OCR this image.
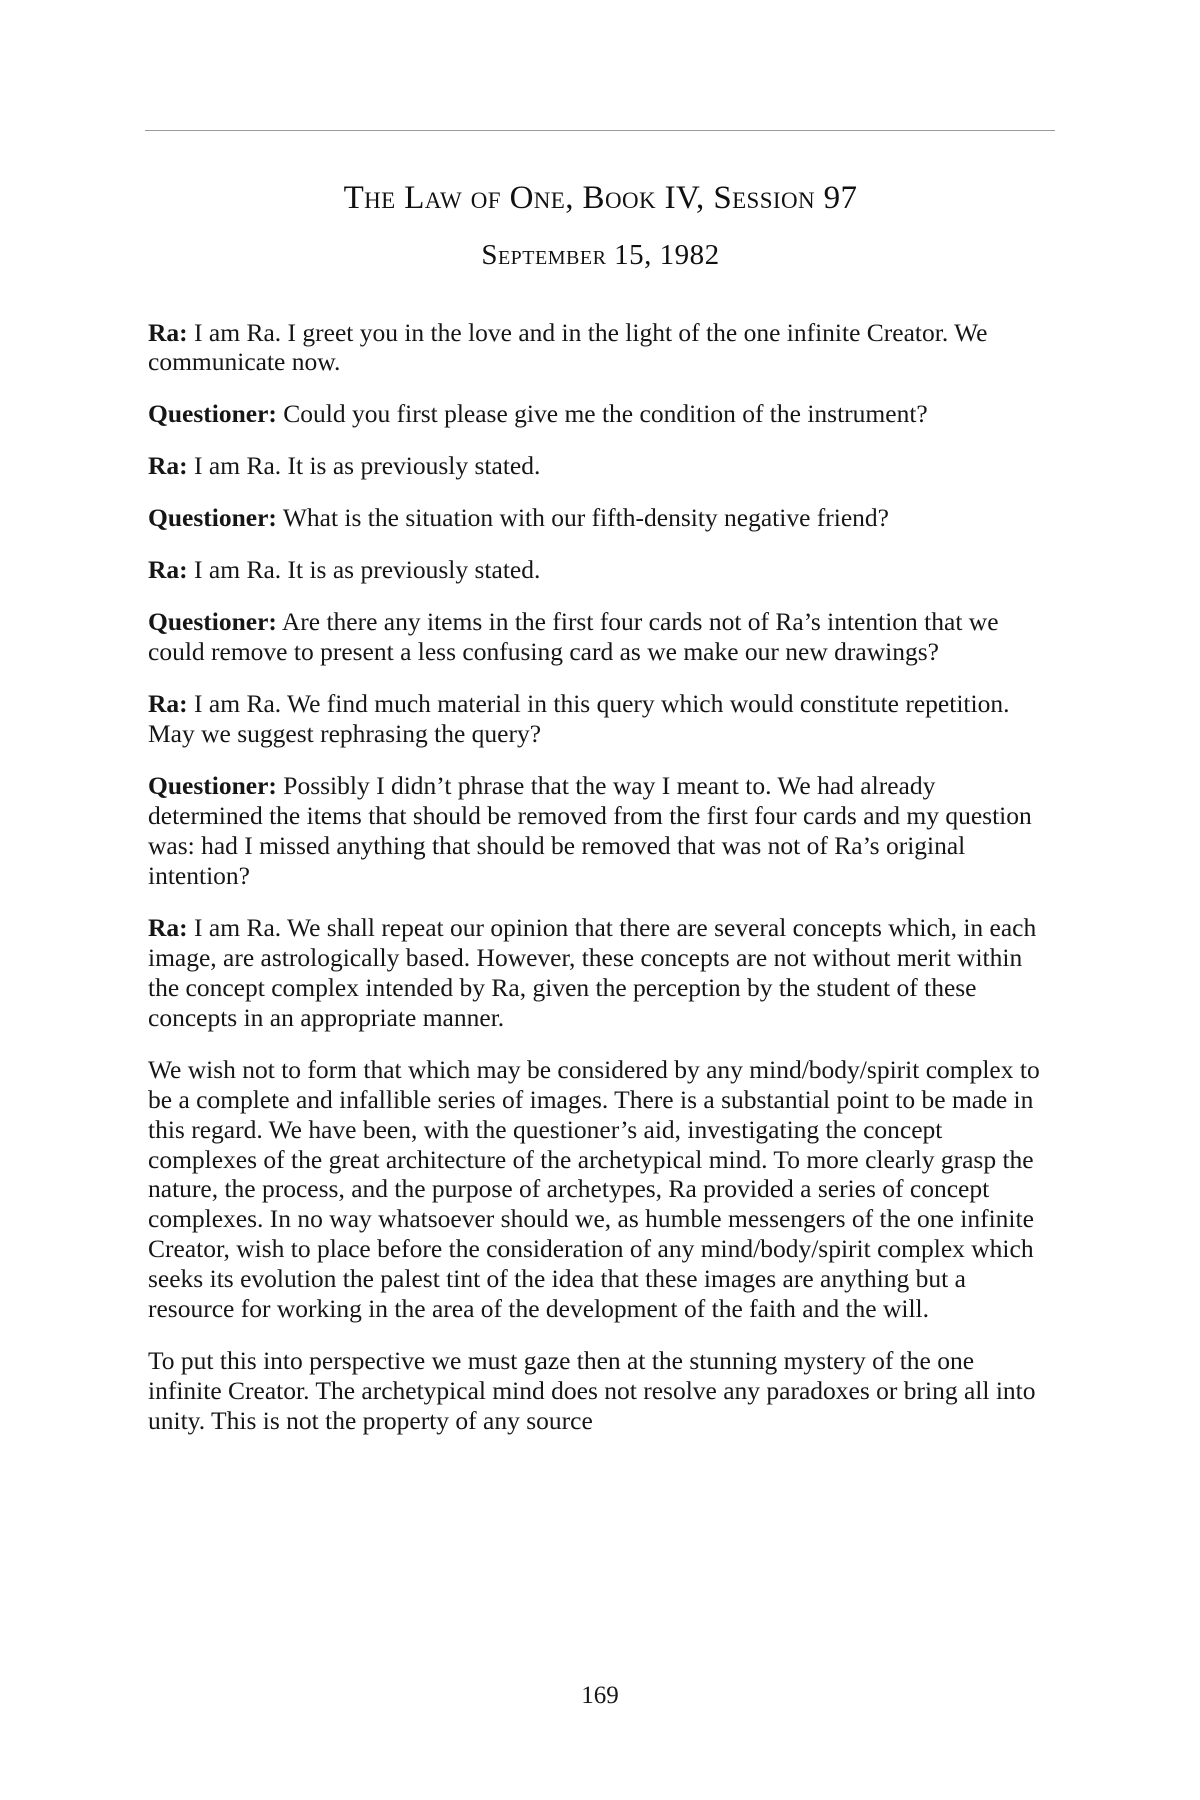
The Law of One, Book IV, Session 97
September 15, 1982

Ra: I am Ra. I greet you in the love and in the light of the one infinite Creator. We communicate now.

Questioner: Could you first please give me the condition of the instrument?

Ra: I am Ra. It is as previously stated.

Questioner: What is the situation with our fifth-density negative friend?

Ra: I am Ra. It is as previously stated.

Questioner: Are there any items in the first four cards not of Ra’s intention that we could remove to present a less confusing card as we make our new drawings?

Ra: I am Ra. We find much material in this query which would constitute repetition. May we suggest rephrasing the query?

Questioner: Possibly I didn’t phrase that the way I meant to. We had already determined the items that should be removed from the first four cards and my question was: had I missed anything that should be removed that was not of Ra’s original intention?

Ra: I am Ra. We shall repeat our opinion that there are several concepts which, in each image, are astrologically based. However, these concepts are not without merit within the concept complex intended by Ra, given the perception by the student of these concepts in an appropriate manner.

We wish not to form that which may be considered by any mind/body/spirit complex to be a complete and infallible series of images. There is a substantial point to be made in this regard. We have been, with the questioner’s aid, investigating the concept complexes of the great architecture of the archetypical mind. To more clearly grasp the nature, the process, and the purpose of archetypes, Ra provided a series of concept complexes. In no way whatsoever should we, as humble messengers of the one infinite Creator, wish to place before the consideration of any mind/body/spirit complex which seeks its evolution the palest tint of the idea that these images are anything but a resource for working in the area of the development of the faith and the will.

To put this into perspective we must gaze then at the stunning mystery of the one infinite Creator. The archetypical mind does not resolve any paradoxes or bring all into unity. This is not the property of any source

169
